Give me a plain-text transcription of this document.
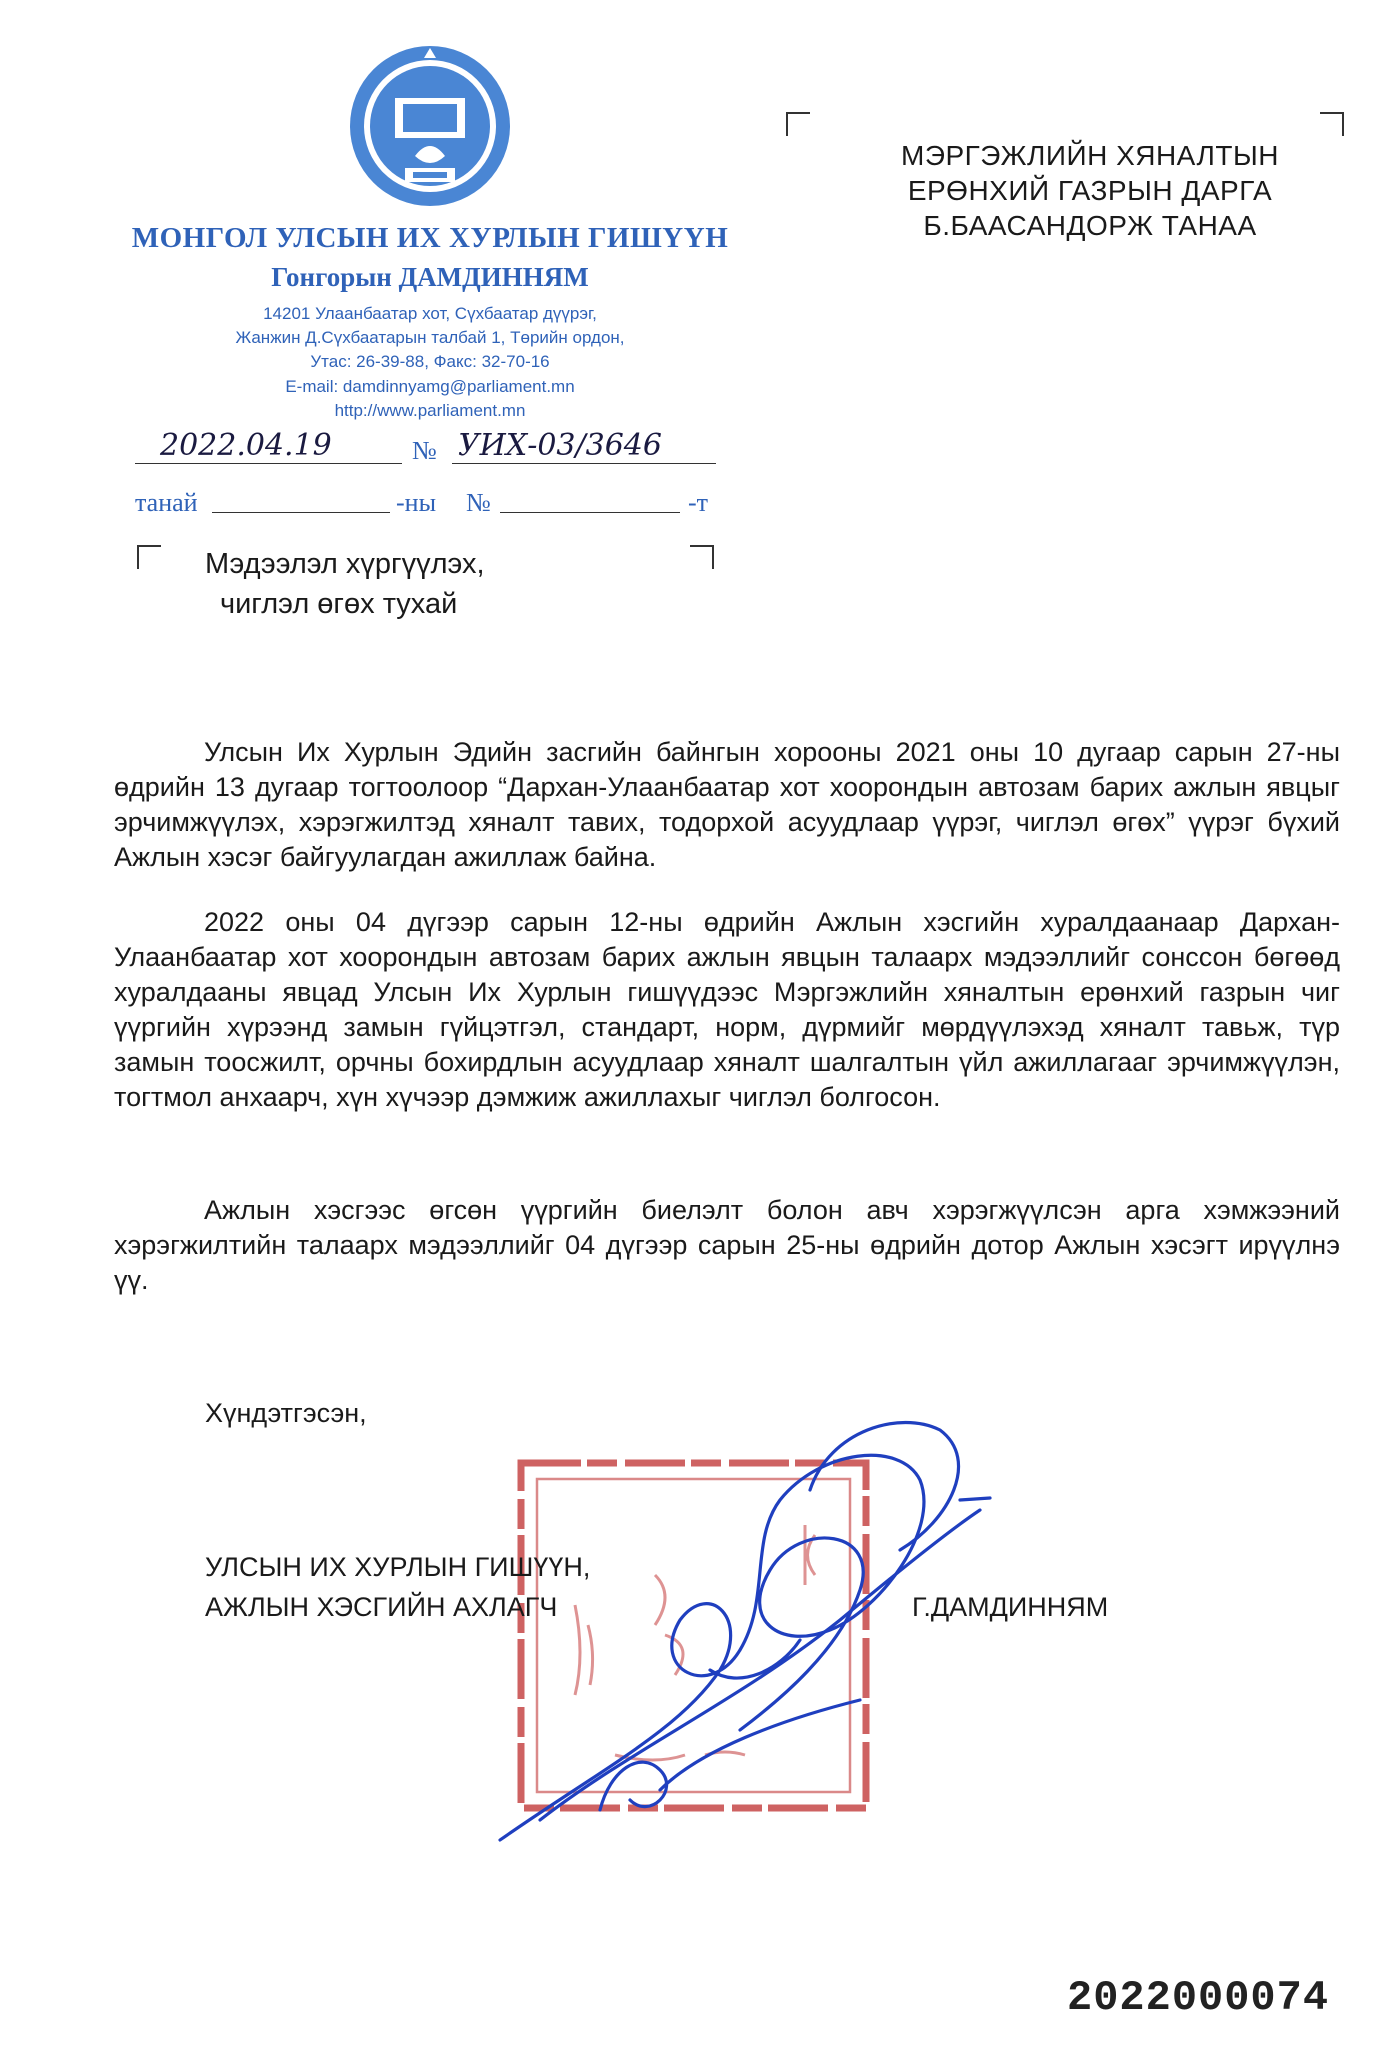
МОНГОЛ УЛСЫН ИХ ХУРЛЫН ГИШҮҮН
Гонгорын ДАМДИННЯМ
14201 Улаанбаатар хот, Сүхбаатар дүүрэг,
Жанжин Д.Сүхбаатарын талбай 1, Төрийн ордон,
Утас: 26-39-88, Факс: 32-70-16
E-mail: damdinnyamg@parliament.mn
http://www.parliament.mn
2022.04.19	№ УИХ-03/3646
танай	-ны №	-т
МЭРГЭЖЛИЙН ХЯНАЛТЫН
ЕРӨНХИЙ ГАЗРЫН ДАРГА
Б.БААСАНДОРЖ ТАНАА
Мэдээлэл хүргүүлэх,
чиглэл өгөх тухай
Улсын Их Хурлын Эдийн засгийн байнгын хорооны 2021 оны 10 дугаар сарын 27-ны өдрийн 13 дугаар тогтоолоор “Дархан-Улаанбаатар хот хоорондын автозам барих ажлын явцыг эрчимжүүлэх, хэрэгжилтэд хяналт тавих, тодорхой асуудлаар үүрэг, чиглэл өгөх” үүрэг бүхий Ажлын хэсэг байгуулагдан ажиллаж байна.
2022 оны 04 дүгээр сарын 12-ны өдрийн Ажлын хэсгийн хуралдаанаар Дархан-Улаанбаатар хот хоорондын автозам барих ажлын явцын талаарх мэдээллийг сонссон бөгөөд хуралдааны явцад Улсын Их Хурлын гишүүдээс Мэргэжлийн хяналтын ерөнхий газрын чиг үүргийн хүрээнд замын гүйцэтгэл, стандарт, норм, дүрмийг мөрдүүлэхэд хяналт тавьж, түр замын тоосжилт, орчны бохирдлын асуудлаар хяналт шалгалтын үйл ажиллагааг эрчимжүүлэн, тогтмол анхаарч, хүн хүчээр дэмжиж ажиллахыг чиглэл болгосон.
Ажлын хэсгээс өгсөн үүргийн биелэлт болон авч хэрэгжүүлсэн арга хэмжээний хэрэгжилтийн талаарх мэдээллийг 04 дүгээр сарын 25-ны өдрийн дотор Ажлын хэсэгт ирүүлнэ үү.
Хүндэтгэсэн,
УЛСЫН ИХ ХУРЛЫН ГИШҮҮН,
АЖЛЫН ХЭСГИЙН АХЛАГЧ	Г.ДАМДИННЯМ
2022000074
